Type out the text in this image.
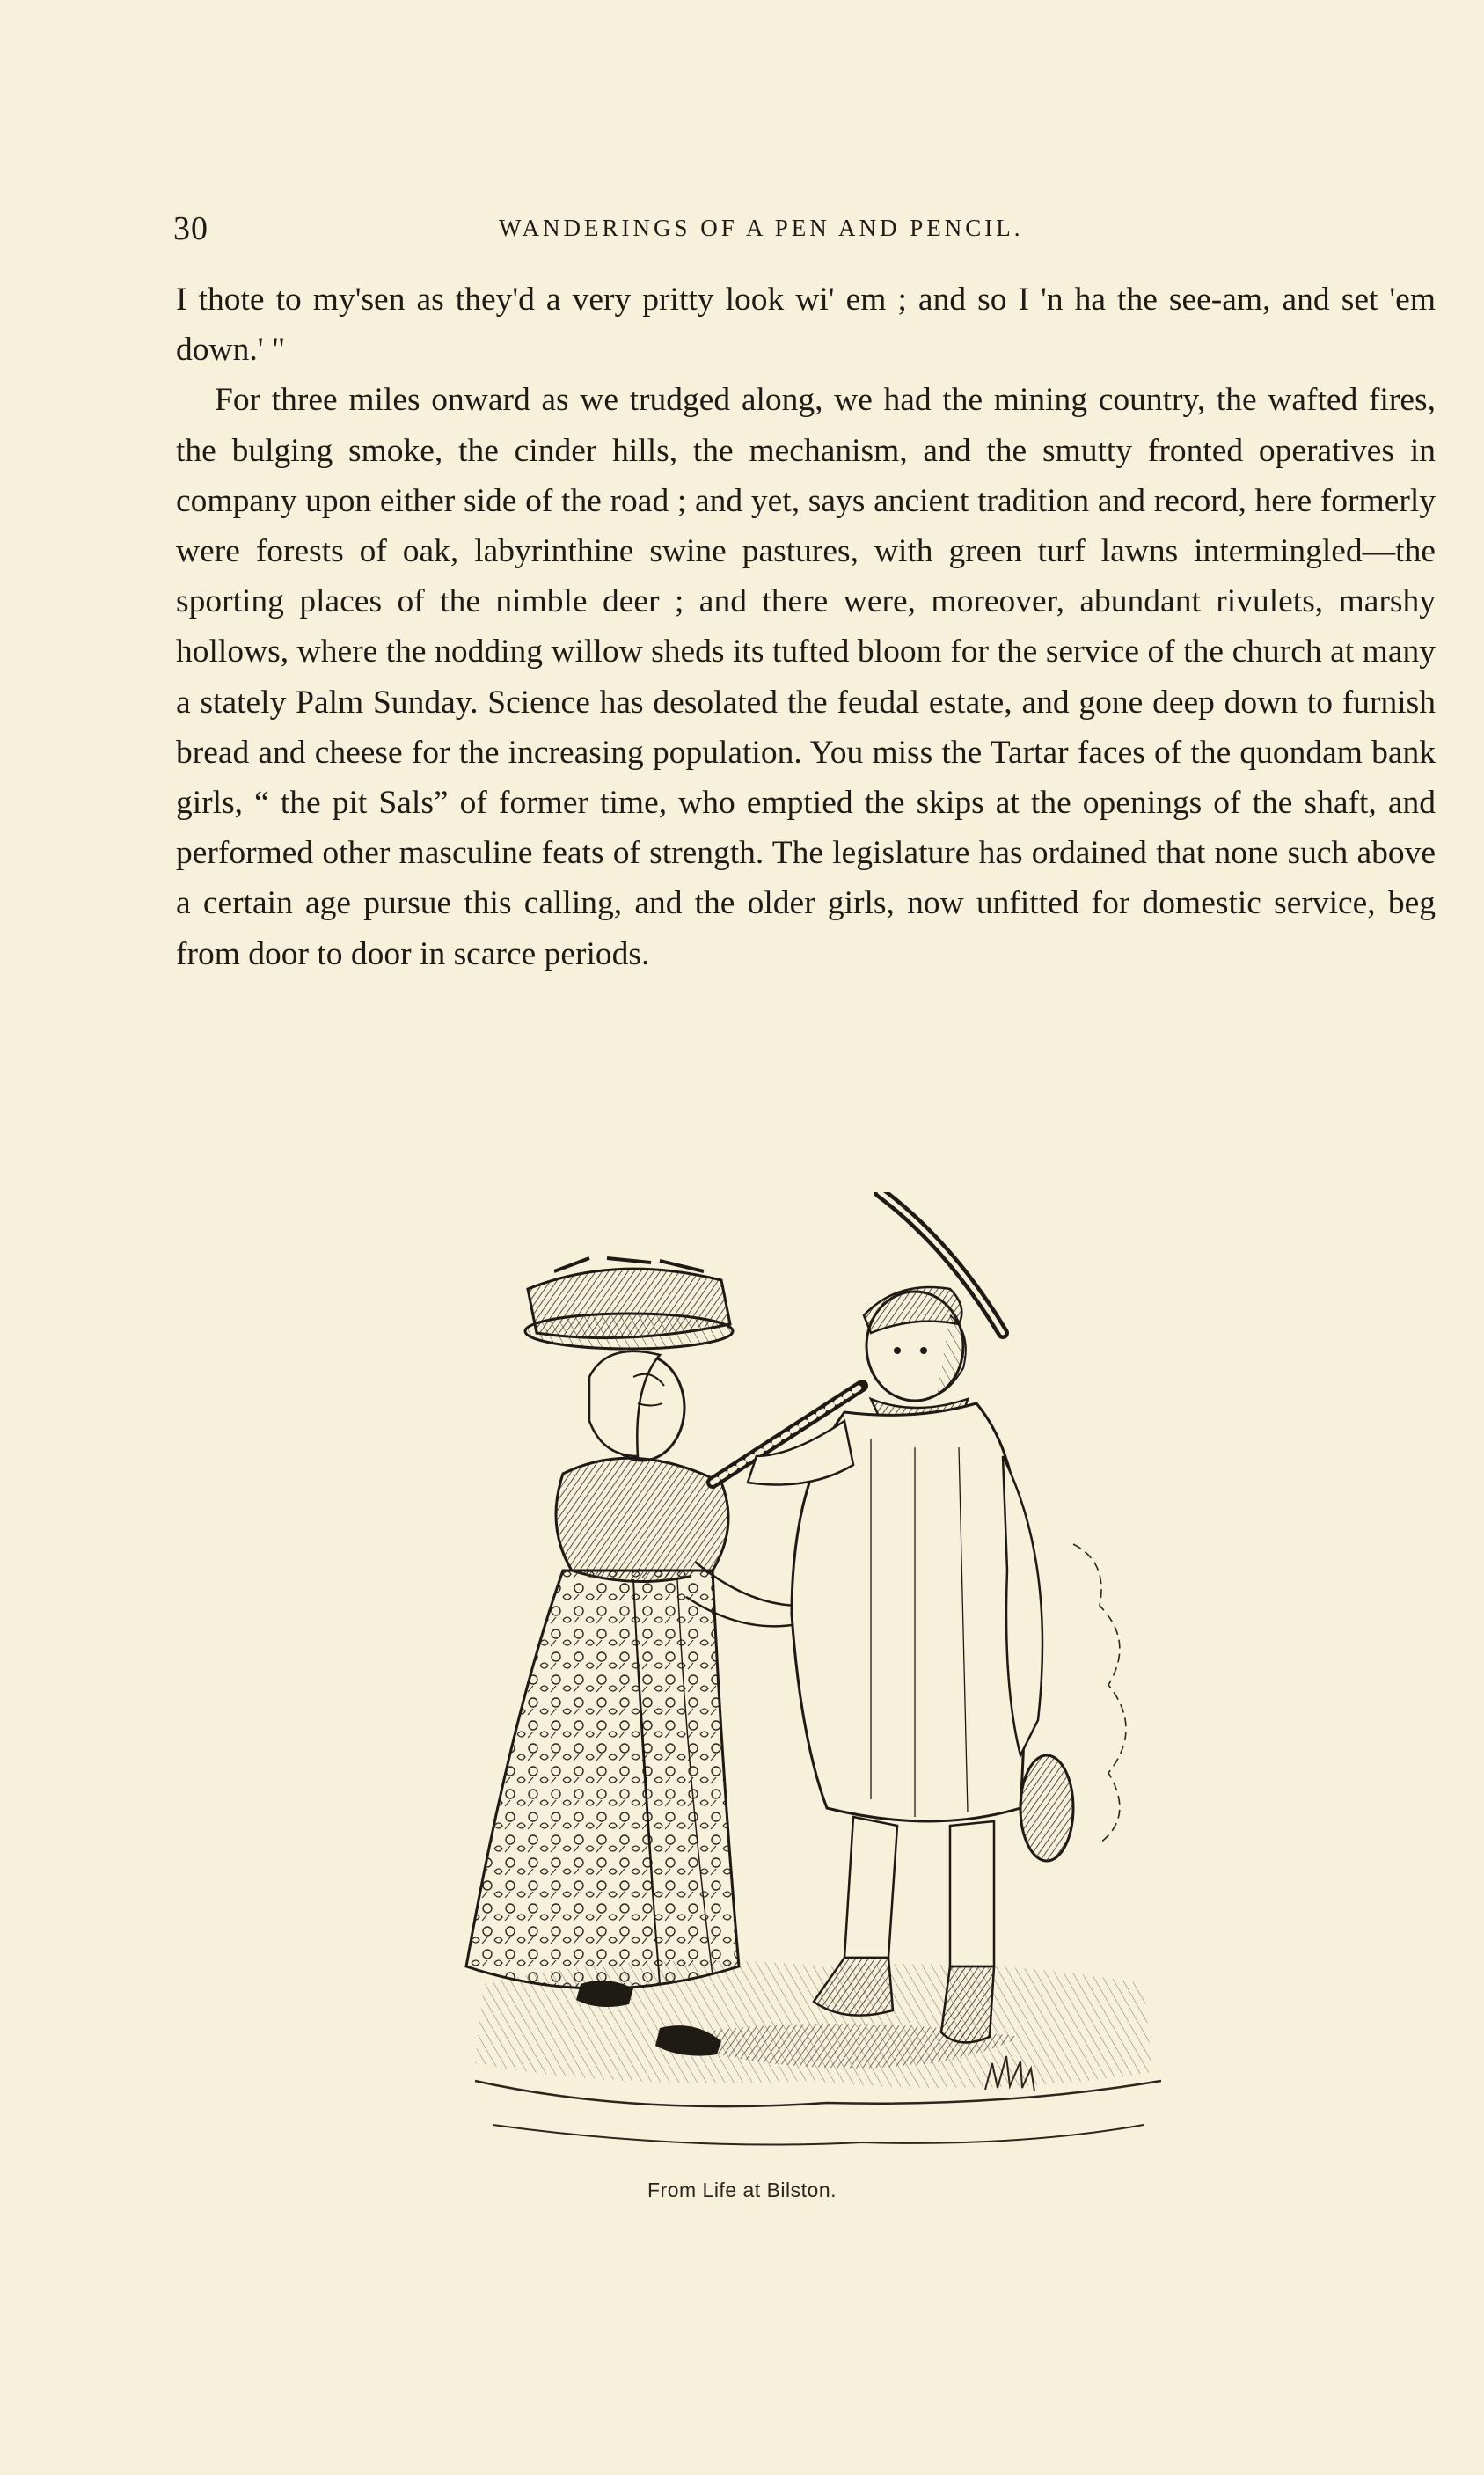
30	WANDERINGS OF A PEN AND PENCIL.

I thote to my'sen as they'd a very pritty look wi' em ; and so I 'n ha the see-am, and set 'em down.' "

For three miles onward as we trudged along, we had the mining country, the wafted fires, the bulging smoke, the cinder hills, the mechanism, and the smutty fronted operatives in company upon either side of the road ; and yet, says ancient tradition and record, here formerly were forests of oak, labyrinthine swine pastures, with green turf lawns intermingled—the sporting places of the nimble deer ; and there were, moreover, abundant rivulets, marshy hollows, where the nodding willow sheds its tufted bloom for the service of the church at many a stately Palm Sunday. Science has desolated the feudal estate, and gone deep down to furnish bread and cheese for the increasing population. You miss the Tartar faces of the quondam bank girls, “ the pit Sals” of former time, who emptied the skips at the openings of the shaft, and performed other masculine feats of strength. The legislature has ordained that none such above a certain age pursue this calling, and the older girls, now unfitted for domestic service, beg from door to door in scarce periods.

From Life at Bilston.
